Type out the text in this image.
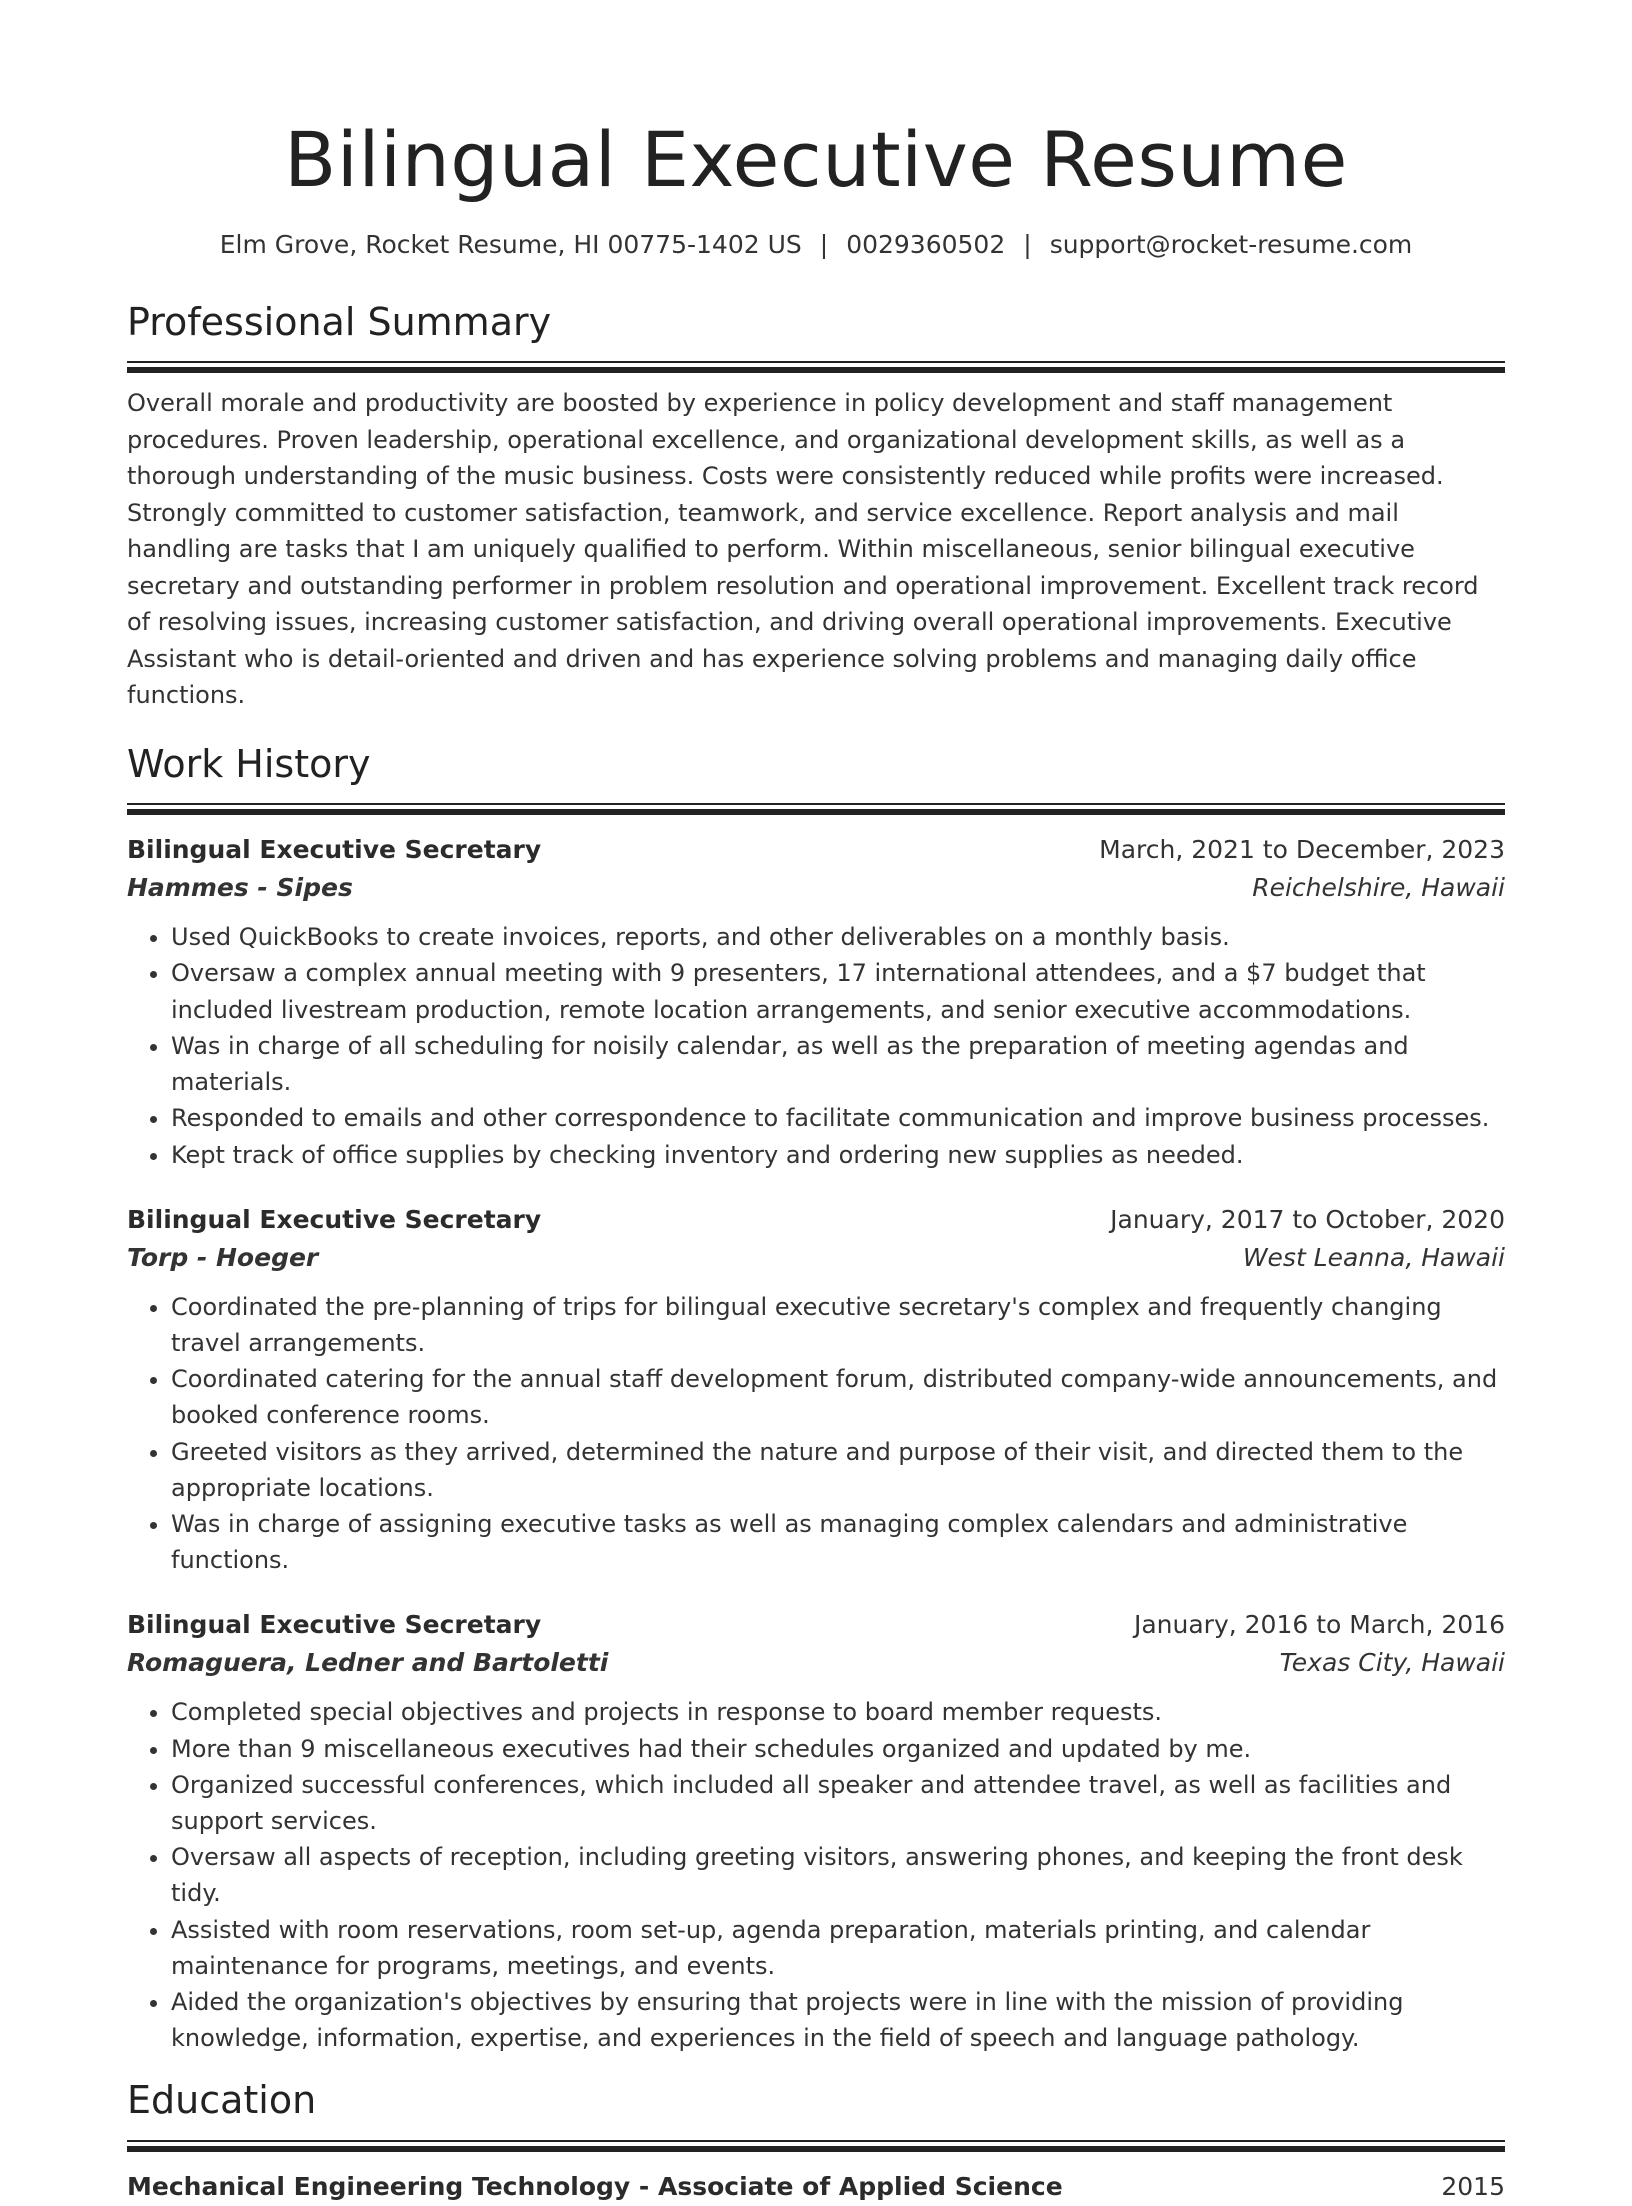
Bilingual Executive Resume
Elm Grove, Rocket Resume, HI 00775-1402 US | 0029360502 | support@rocket-resume.com
Professional Summary

Overall morale and productivity are boosted by experience in policy development and staff management procedures. Proven leadership, operational excellence, and organizational development skills, as well as a thorough understanding of the music business. Costs were consistently reduced while profits were increased. Strongly committed to customer satisfaction, teamwork, and service excellence. Report analysis and mail handling are tasks that I am uniquely qualified to perform. Within miscellaneous, senior bilingual executive secretary and outstanding performer in problem resolution and operational improvement. Excellent track record of resolving issues, increasing customer satisfaction, and driving overall operational improvements. Executive Assistant who is detail-oriented and driven and has experience solving problems and managing daily office functions.

Work History
Bilingual Executive Secretary	March, 2021 to December, 2023
Hammes - Sipes	Reichelshire, Hawaii
• Used QuickBooks to create invoices, reports, and other deliverables on a monthly basis.
• Oversaw a complex annual meeting with 9 presenters, 17 international attendees, and a $7 budget that included livestream production, remote location arrangements, and senior executive accommodations.
• Was in charge of all scheduling for noisily calendar, as well as the preparation of meeting agendas and materials.
• Responded to emails and other correspondence to facilitate communication and improve business processes.
• Kept track of office supplies by checking inventory and ordering new supplies as needed.
Bilingual Executive Secretary	January, 2017 to October, 2020
Torp - Hoeger	West Leanna, Hawaii
• Coordinated the pre-planning of trips for bilingual executive secretary's complex and frequently changing travel arrangements.
• Coordinated catering for the annual staff development forum, distributed company-wide announcements, and booked conference rooms.
• Greeted visitors as they arrived, determined the nature and purpose of their visit, and directed them to the appropriate locations.
• Was in charge of assigning executive tasks as well as managing complex calendars and administrative functions.
Bilingual Executive Secretary	January, 2016 to March, 2016
Romaguera, Ledner and Bartoletti	Texas City, Hawaii
• Completed special objectives and projects in response to board member requests.
• More than 9 miscellaneous executives had their schedules organized and updated by me.
• Organized successful conferences, which included all speaker and attendee travel, as well as facilities and support services.
• Oversaw all aspects of reception, including greeting visitors, answering phones, and keeping the front desk tidy.
• Assisted with room reservations, room set-up, agenda preparation, materials printing, and calendar maintenance for programs, meetings, and events.
• Aided the organization's objectives by ensuring that projects were in line with the mission of providing knowledge, information, expertise, and experiences in the field of speech and language pathology.
Education
Mechanical Engineering Technology - Associate of Applied Science	2015
